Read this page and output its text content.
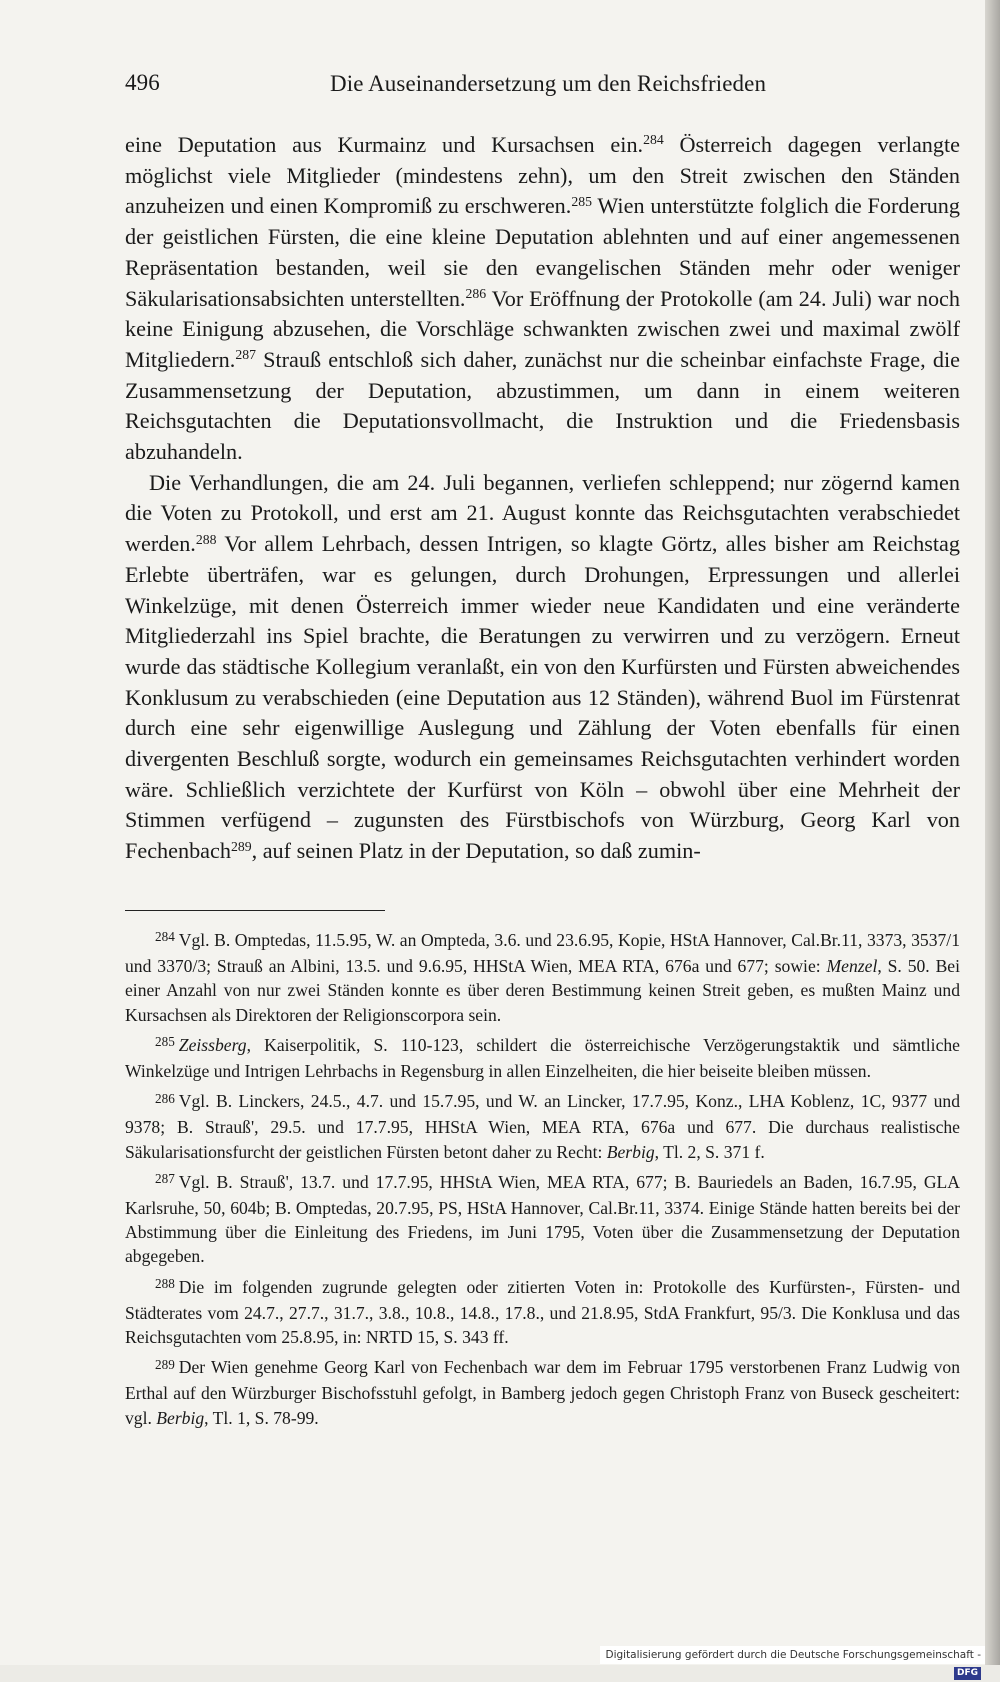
496	Die Auseinandersetzung um den Reichsfrieden

eine Deputation aus Kurmainz und Kursachsen ein.$^{284}$ Österreich dagegen verlangte möglichst viele Mitglieder (mindestens zehn), um den Streit zwischen den Ständen anzuheizen und einen Kompromiß zu erschweren.$^{285}$ Wien unterstützte folglich die Forderung der geistlichen Fürsten, die eine kleine Deputation ablehnten und auf einer angemessenen Repräsentation bestanden, weil sie den evangelischen Ständen mehr oder weniger Säkularisationsabsichten unterstellten.$^{286}$ Vor Eröffnung der Protokolle (am 24. Juli) war noch keine Einigung abzusehen, die Vorschläge schwankten zwischen zwei und maximal zwölf Mitgliedern.$^{287}$ Strauß entschloß sich daher, zunächst nur die scheinbar einfachste Frage, die Zusammensetzung der Deputation, abzustimmen, um dann in einem weiteren Reichsgutachten die Deputationsvollmacht, die Instruktion und die Friedensbasis abzuhandeln.

Die Verhandlungen, die am 24. Juli begannen, verliefen schleppend; nur zögernd kamen die Voten zu Protokoll, und erst am 21. August konnte das Reichsgutachten verabschiedet werden.$^{288}$ Vor allem Lehrbach, dessen Intrigen, so klagte Görtz, alles bisher am Reichstag Erlebte überträfen, war es gelungen, durch Drohungen, Erpressungen und allerlei Winkelzüge, mit denen Österreich immer wieder neue Kandidaten und eine veränderte Mitgliederzahl ins Spiel brachte, die Beratungen zu verwirren und zu verzögern. Erneut wurde das städtische Kollegium veranlaßt, ein von den Kurfürsten und Fürsten abweichendes Konklusum zu verabschieden (eine Deputation aus 12 Ständen), während Buol im Fürstenrat durch eine sehr eigenwillige Auslegung und Zählung der Voten ebenfalls für einen divergenten Beschluß sorgte, wodurch ein gemeinsames Reichsgutachten verhindert worden wäre. Schließlich verzichtete der Kurfürst von Köln – obwohl über eine Mehrheit der Stimmen verfügend – zugunsten des Fürstbischofs von Würzburg, Georg Karl von Fechenbach$^{289}$, auf seinen Platz in der Deputation, so daß zumin-

$^{284}$ Vgl. B. Omptedas, 11.5.95, W. an Ompteda, 3.6. und 23.6.95, Kopie, HStA Hannover, Cal.Br.11, 3373, 3537/1 und 3370/3; Strauß an Albini, 13.5. und 9.6.95, HHStA Wien, MEA RTA, 676a und 677; sowie: Menzel, S. 50. Bei einer Anzahl von nur zwei Ständen konnte es über deren Bestimmung keinen Streit geben, es mußten Mainz und Kursachsen als Direktoren der Religionscorpora sein.

$^{285}$ Zeissberg, Kaiserpolitik, S. 110-123, schildert die österreichische Verzögerungstaktik und sämtliche Winkelzüge und Intrigen Lehrbachs in Regensburg in allen Einzelheiten, die hier beiseite bleiben müssen.

$^{286}$ Vgl. B. Linckers, 24.5., 4.7. und 15.7.95, und W. an Lincker, 17.7.95, Konz., LHA Koblenz, 1C, 9377 und 9378; B. Strauß', 29.5. und 17.7.95, HHStA Wien, MEA RTA, 676a und 677. Die durchaus realistische Säkularisationsfurcht der geistlichen Fürsten betont daher zu Recht: Berbig, Tl. 2, S. 371 f.

$^{287}$ Vgl. B. Strauß', 13.7. und 17.7.95, HHStA Wien, MEA RTA, 677; B. Bauriedels an Baden, 16.7.95, GLA Karlsruhe, 50, 604b; B. Omptedas, 20.7.95, PS, HStA Hannover, Cal.Br.11, 3374. Einige Stände hatten bereits bei der Abstimmung über die Einleitung des Friedens, im Juni 1795, Voten über die Zusammensetzung der Deputation abgegeben.

$^{288}$ Die im folgenden zugrunde gelegten oder zitierten Voten in: Protokolle des Kurfürsten-, Fürsten- und Städterates vom 24.7., 27.7., 31.7., 3.8., 10.8., 14.8., 17.8., und 21.8.95, StdA Frankfurt, 95/3. Die Konklusa und das Reichsgutachten vom 25.8.95, in: NRTD 15, S. 343 ff.

$^{289}$ Der Wien genehme Georg Karl von Fechenbach war dem im Februar 1795 verstorbenen Franz Ludwig von Erthal auf den Würzburger Bischofsstuhl gefolgt, in Bamberg jedoch gegen Christoph Franz von Buseck gescheitert: vgl. Berbig, Tl. 1, S. 78-99.

Digitalisierung gefördert durch die Deutsche Forschungsgemeinschaft -DFG
